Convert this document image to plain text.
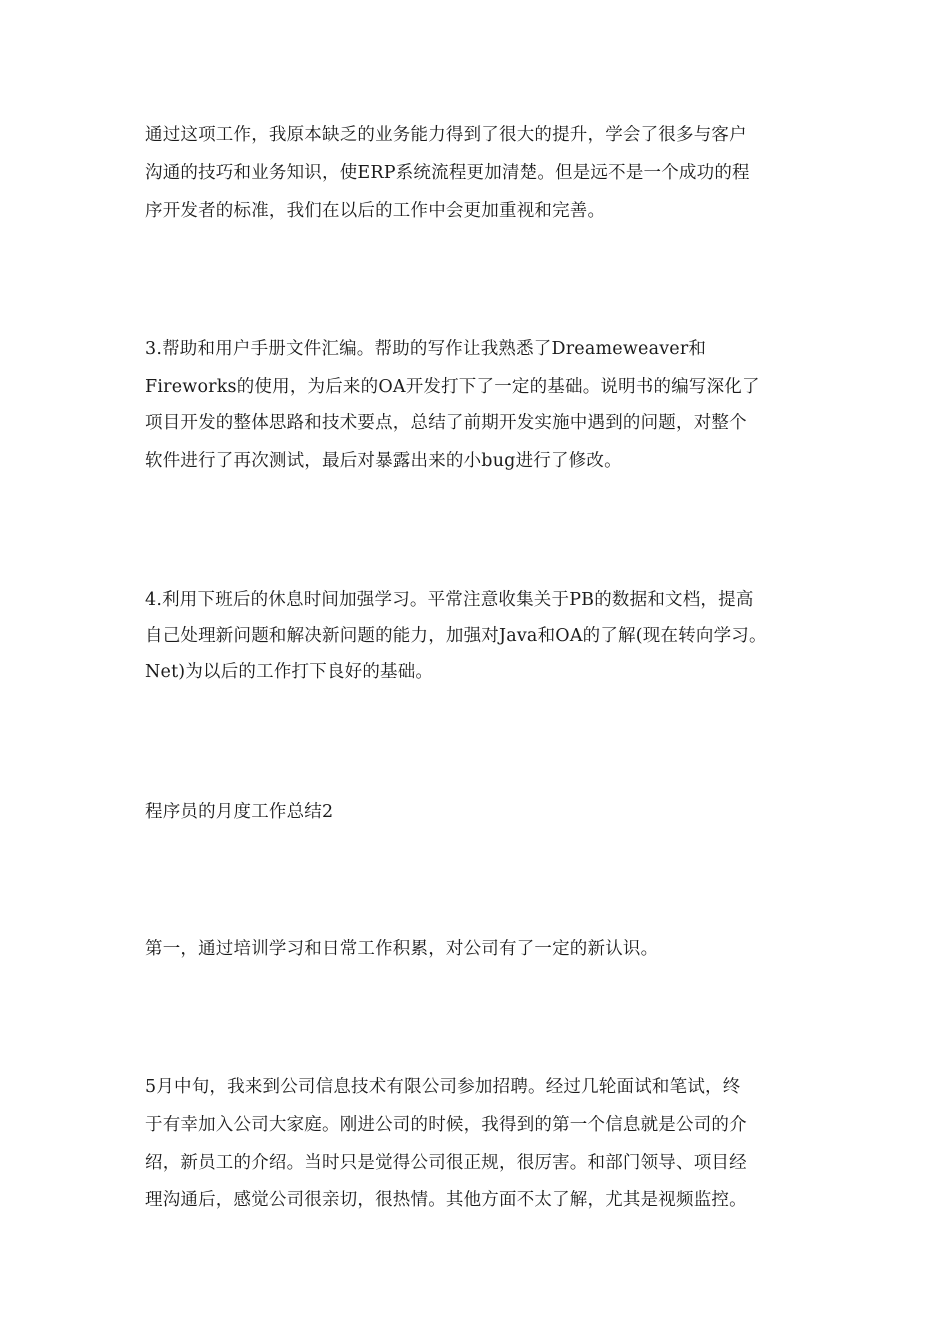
通过这项工作，我原本缺乏的业务能力得到了很大的提升，学会了很多与客户
沟通的技巧和业务知识，使ERP系统流程更加清楚。但是远不是一个成功的程
序开发者的标准，我们在以后的工作中会更加重视和完善。
3.帮助和用户手册文件汇编。帮助的写作让我熟悉了Dreameweaver和
Fireworks的使用，为后来的OA开发打下了一定的基础。说明书的编写深化了
项目开发的整体思路和技术要点，总结了前期开发实施中遇到的问题，对整个
软件进行了再次测试，最后对暴露出来的小bug进行了修改。
4.利用下班后的休息时间加强学习。平常注意收集关于PB的数据和文档，提高
自己处理新问题和解决新问题的能力，加强对Java和OA的了解(现在转向学习。
Net)为以后的工作打下良好的基础。
程序员的月度工作总结2
第一，通过培训学习和日常工作积累，对公司有了一定的新认识。
5月中旬，我来到公司信息技术有限公司参加招聘。经过几轮面试和笔试，终
于有幸加入公司大家庭。刚进公司的时候，我得到的第一个信息就是公司的介
绍，新员工的介绍。当时只是觉得公司很正规，很厉害。和部门领导、项目经
理沟通后，感觉公司很亲切，很热情。其他方面不太了解，尤其是视频监控。
